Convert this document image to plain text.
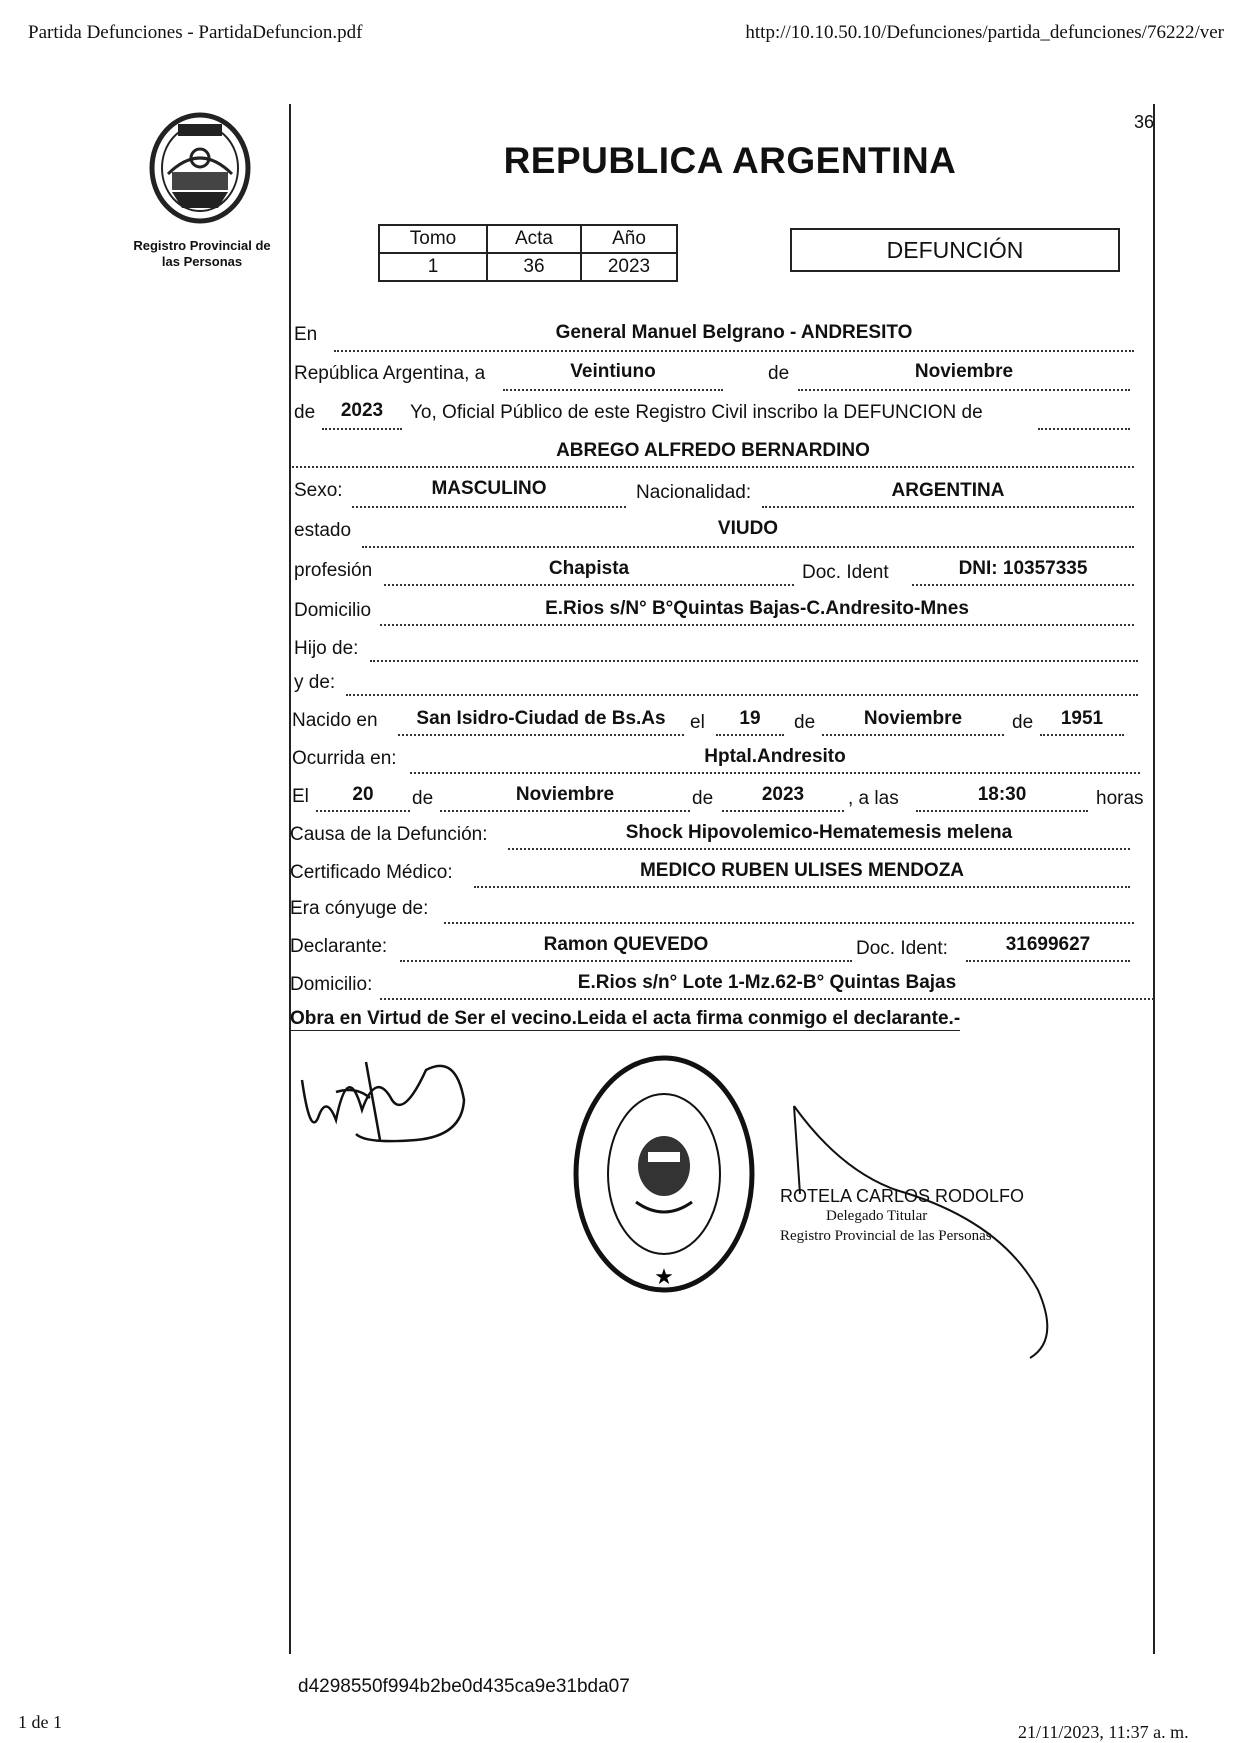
Partida Defunciones - PartidaDefuncion.pdf	http://10.10.50.10/Defunciones/partida_defunciones/76222/ver
Registro Provincial de
las Personas
36
REPUBLICA ARGENTINA
Tomo	Acta	Año
1	36	2023
DEFUNCIÓN
En	General Manuel Belgrano - ANDRESITO
República Argentina, a	Veintiuno	de	Noviembre
de	2023	Yo, Oficial Público de este Registro Civil inscribo la DEFUNCION de
ABREGO ALFREDO BERNARDINO
Sexo:	MASCULINO	Nacionalidad:	ARGENTINA
estado	VIUDO
profesión	Chapista	Doc. Ident	DNI: 10357335
Domicilio	E.Rios s/N° B°Quintas Bajas-C.Andresito-Mnes
Hijo de:
y de:
Nacido en	San Isidro-Ciudad de Bs.As	el	19	de	Noviembre	de	1951
Ocurrida en:	Hptal.Andresito
El	20	de	Noviembre	de	2023	, a las	18:30	horas
Causa de la Defunción:	Shock Hipovolemico-Hematemesis melena
Certificado Médico:	MEDICO RUBEN ULISES MENDOZA
Era cónyuge de:
Declarante:	Ramon QUEVEDO	Doc. Ident:	31699627
Domicilio:	E.Rios s/n° Lote 1-Mz.62-B° Quintas Bajas
Obra en Virtud de Ser el vecino.Leida el acta firma conmigo el declarante.-
★
ROTELA CARLOS RODOLFO
Delegado Titular
Registro Provincial de las Personas
d4298550f994b2be0d435ca9e31bda07
1 de 1	21/11/2023, 11:37 a. m.
